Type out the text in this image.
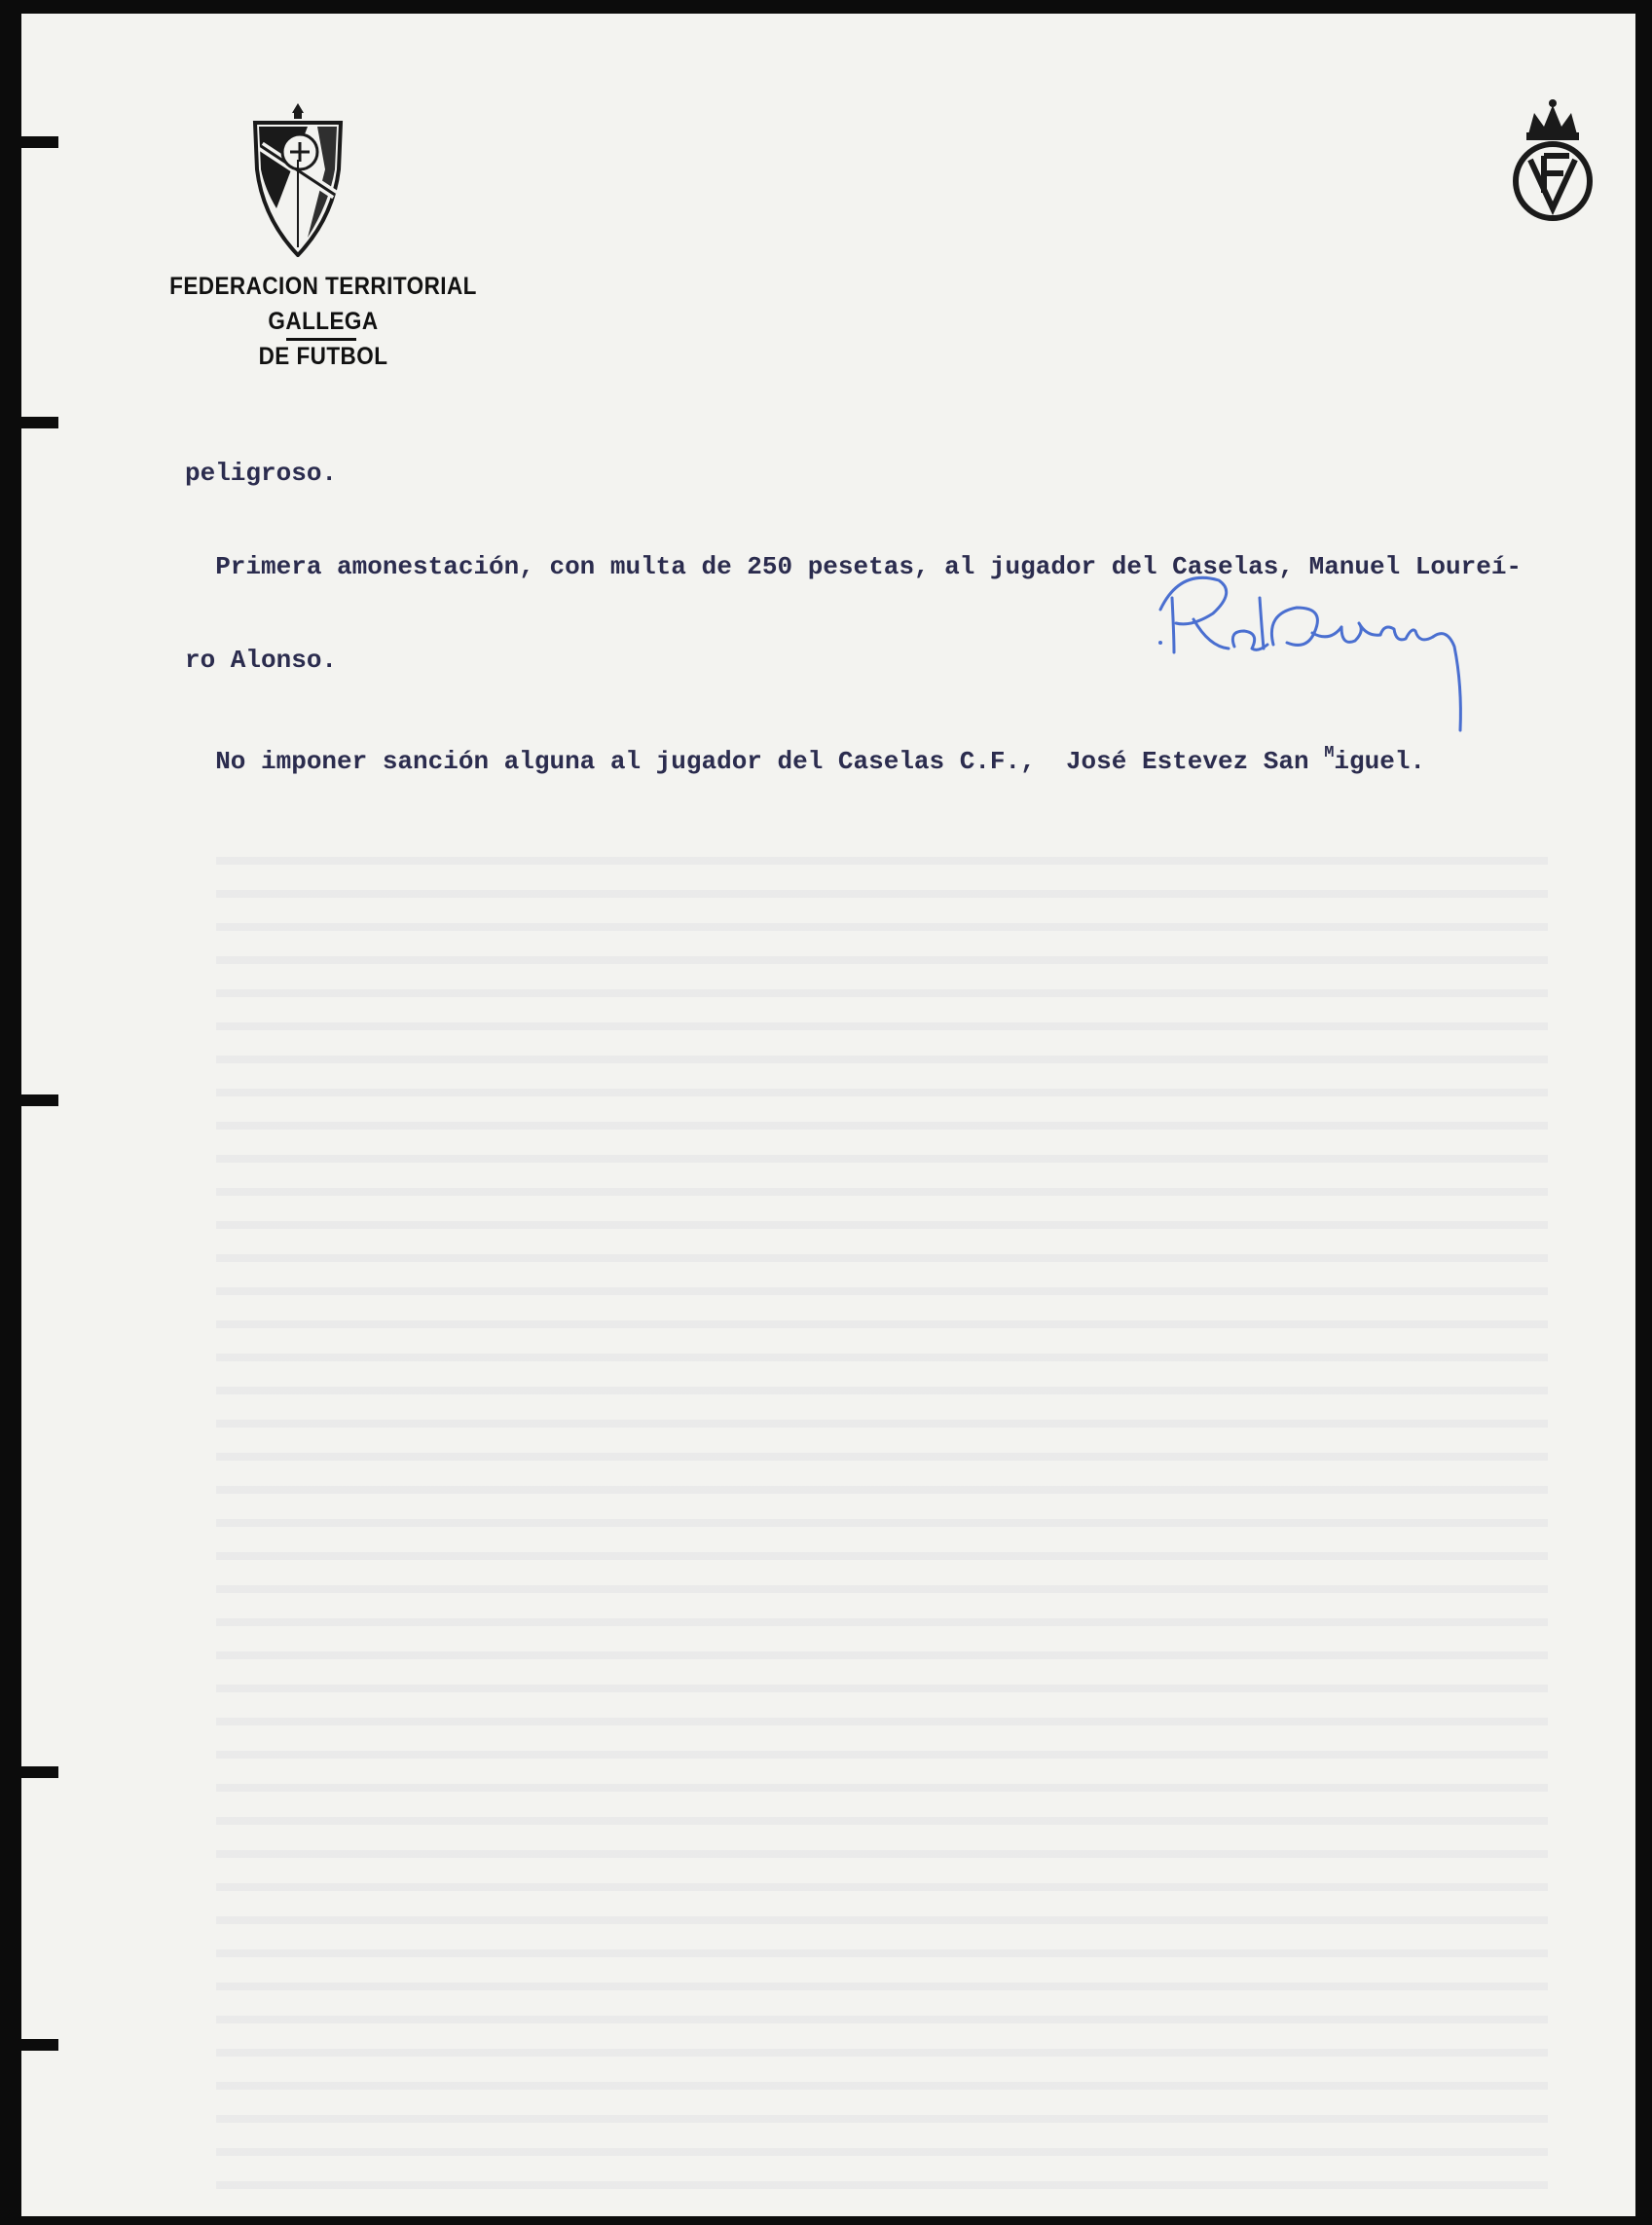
FEDERACION TERRITORIAL GALLEGA
DE FUTBOL

peligroso.

Primera amonestación, con multa de 250 pesetas, al jugador del Caselas, Manuel Loureí-

ro Alonso.

No imponer sanción alguna al jugador del Caselas C.F.,  José Estevez San $^M$iguel.
